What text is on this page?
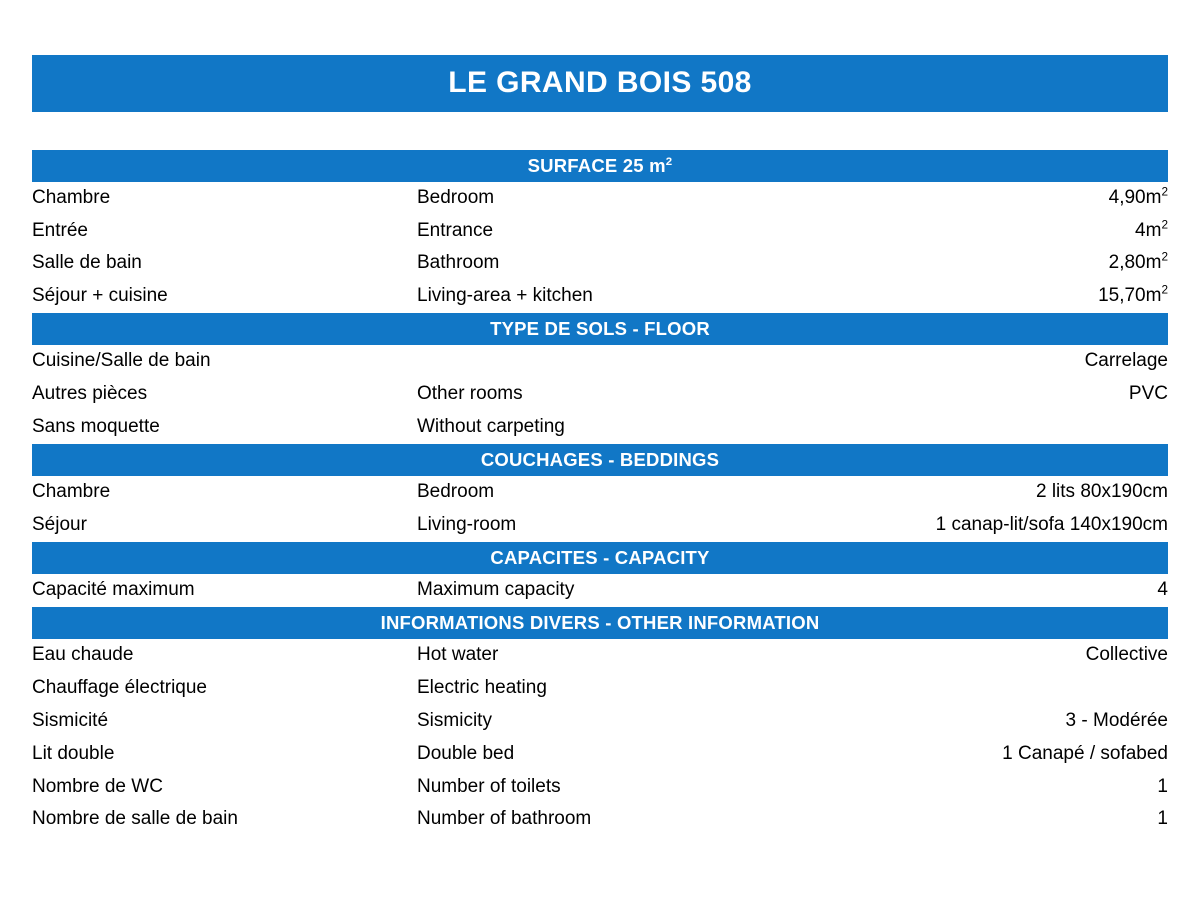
LE GRAND BOIS 508
SURFACE 25 $m^2$
Chambre	Bedroom	$4,90m^2$
Entrée	Entrance	$4m^2$
Salle de bain	Bathroom	$2,80m^2$
Séjour + cuisine	Living-area + kitchen	$15,70m^2$
TYPE DE SOLS - FLOOR
Cuisine/Salle de bain		Carrelage
Autres pièces	Other rooms	PVC
Sans moquette	Without carpeting	
COUCHAGES - BEDDINGS
Chambre	Bedroom	2 lits 80x190cm
Séjour	Living-room	1 canap-lit/sofa 140x190cm
CAPACITES - CAPACITY
Capacité maximum	Maximum capacity	4
INFORMATIONS DIVERS - OTHER INFORMATION
Eau chaude	Hot water	Collective
Chauffage électrique	Electric heating	
Sismicité	Sismicity	3 - Modérée
Lit double	Double bed	1 Canapé / sofabed
Nombre de WC	Number of toilets	1
Nombre de salle de bain	Number of bathroom	1
